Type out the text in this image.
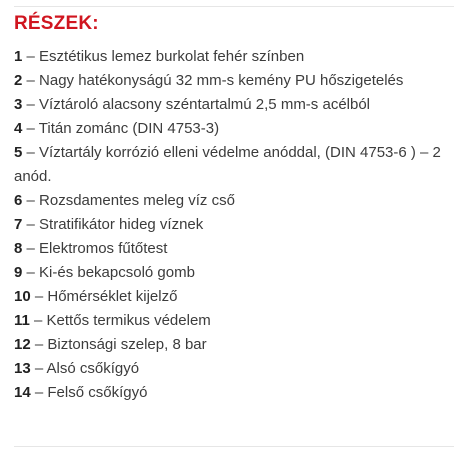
RÉSZEK:
1 – Esztétikus lemez burkolat fehér színben
2 – Nagy hatékonyságú 32 mm-s kemény PU hőszigetelés
3 – Víztároló alacsony széntartalmú 2,5 mm-s acélból
4 – Titán zománc (DIN 4753-3)
5 – Víztartály korrózió elleni védelme anóddal, (DIN 4753-6 ) – 2 anód.
6 – Rozsdamentes meleg víz cső
7 – Stratifikátor hideg víznek
8 – Elektromos fűtőtest
9 – Ki-és bekapcsoló gomb
10 – Hőmérséklet kijelző
11 – Kettős termikus védelem
12 – Biztonsági szelep, 8 bar
13 – Alsó csőkígyó
14 – Felső csőkígyó
